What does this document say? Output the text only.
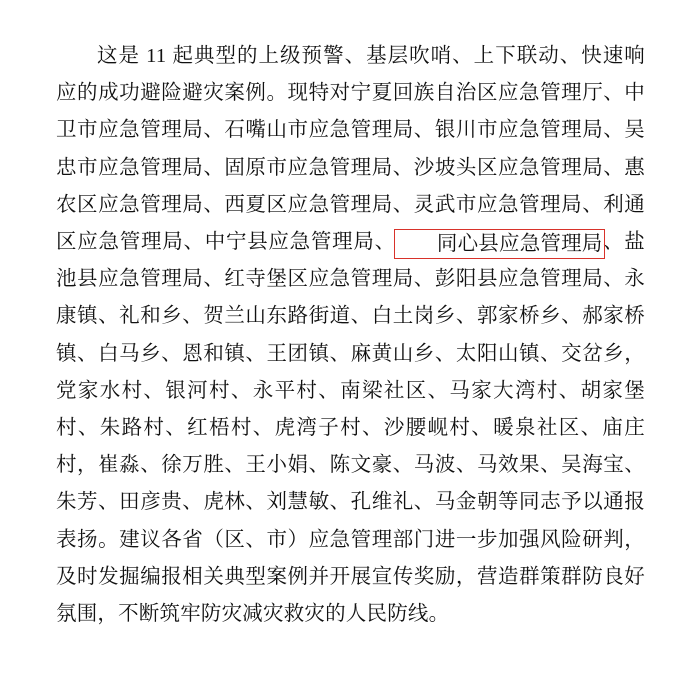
这是 11 起典型的上级预警、基层吹哨、上下联动、快速响应的成功避险避灾案例。现特对宁夏回族自治区应急管理厅、中卫市应急管理局、石嘴山市应急管理局、银川市应急管理局、吴忠市应急管理局、固原市应急管理局、沙坡头区应急管理局、惠农区应急管理局、西夏区应急管理局、灵武市应急管理局、利通区应急管理局、中宁县应急管理局、 同心县应急管理局、盐池县应急管理局、红寺堡区应急管理局、彭阳县应急管理局、永康镇、礼和乡、贺兰山东路街道、白土岗乡、郭家桥乡、郝家桥镇、白马乡、恩和镇、王团镇、麻黄山乡、太阳山镇、交岔乡，党家水村、银河村、永平村、南梁社区、马家大湾村、胡家堡村、朱路村、红梧村、虎湾子村、沙腰岘村、暖泉社区、庙庄村，崔淼、徐万胜、王小娟、陈文豪、马波、马效果、吴海宝、朱芳、田彦贵、虎林、刘慧敏、孔维礼、马金朝等同志予以通报表扬。建议各省（区、市）应急管理部门进一步加强风险研判，及时发掘编报相关典型案例并开展宣传奖励，营造群策群防良好氛围，不断筑牢防灾减灾救灾的人民防线。
